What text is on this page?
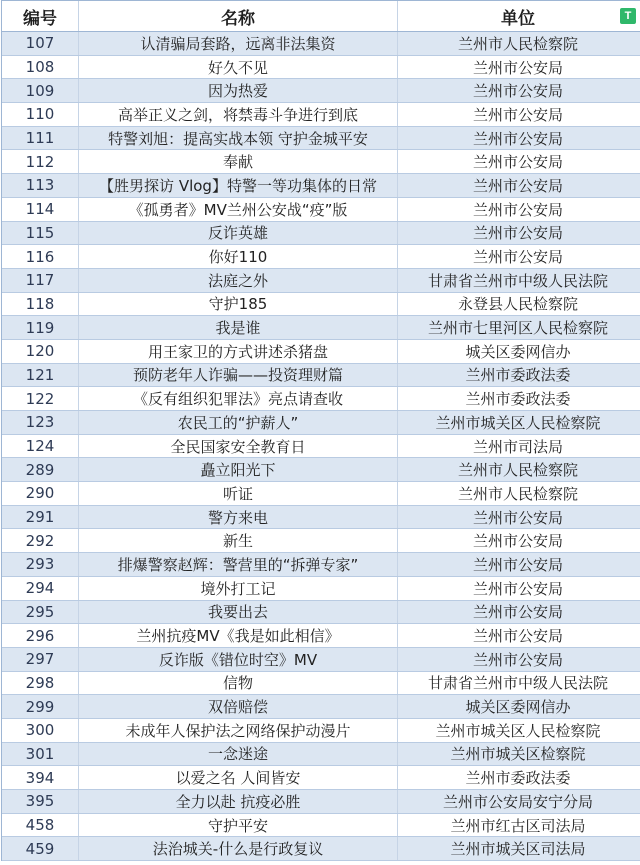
编号	名称	单位	T
107	认清骗局套路，远离非法集资	兰州市人民检察院
108	好久不见	兰州市公安局
109	因为热爱	兰州市公安局
110	高举正义之剑，将禁毒斗争进行到底	兰州市公安局
111	特警刘旭：提高实战本领 守护金城平安	兰州市公安局
112	奉献	兰州市公安局
113	【胜男探访 Vlog】特警一等功集体的日常	兰州市公安局
114	《孤勇者》MV兰州公安战“疫”版	兰州市公安局
115	反诈英雄	兰州市公安局
116	你好110	兰州市公安局
117	法庭之外	甘肃省兰州市中级人民法院
118	守护185	永登县人民检察院
119	我是谁	兰州市七里河区人民检察院
120	用王家卫的方式讲述杀猪盘	城关区委网信办
121	预防老年人诈骗——投资理财篇	兰州市委政法委
122	《反有组织犯罪法》亮点请查收	兰州市委政法委
123	农民工的“护薪人”	兰州市城关区人民检察院
124	全民国家安全教育日	兰州市司法局
289	矗立阳光下	兰州市人民检察院
290	听证	兰州市人民检察院
291	警方来电	兰州市公安局
292	新生	兰州市公安局
293	排爆警察赵辉：警营里的“拆弹专家”	兰州市公安局
294	境外打工记	兰州市公安局
295	我要出去	兰州市公安局
296	兰州抗疫MV《我是如此相信》	兰州市公安局
297	反诈版《错位时空》MV	兰州市公安局
298	信物	甘肃省兰州市中级人民法院
299	双倍赔偿	城关区委网信办
300	未成年人保护法之网络保护动漫片	兰州市城关区人民检察院
301	一念迷途	兰州市城关区检察院
394	以爱之名 人间皆安	兰州市委政法委
395	全力以赴 抗疫必胜	兰州市公安局安宁分局
458	守护平安	兰州市红古区司法局
459	法治城关-什么是行政复议	兰州市城关区司法局
